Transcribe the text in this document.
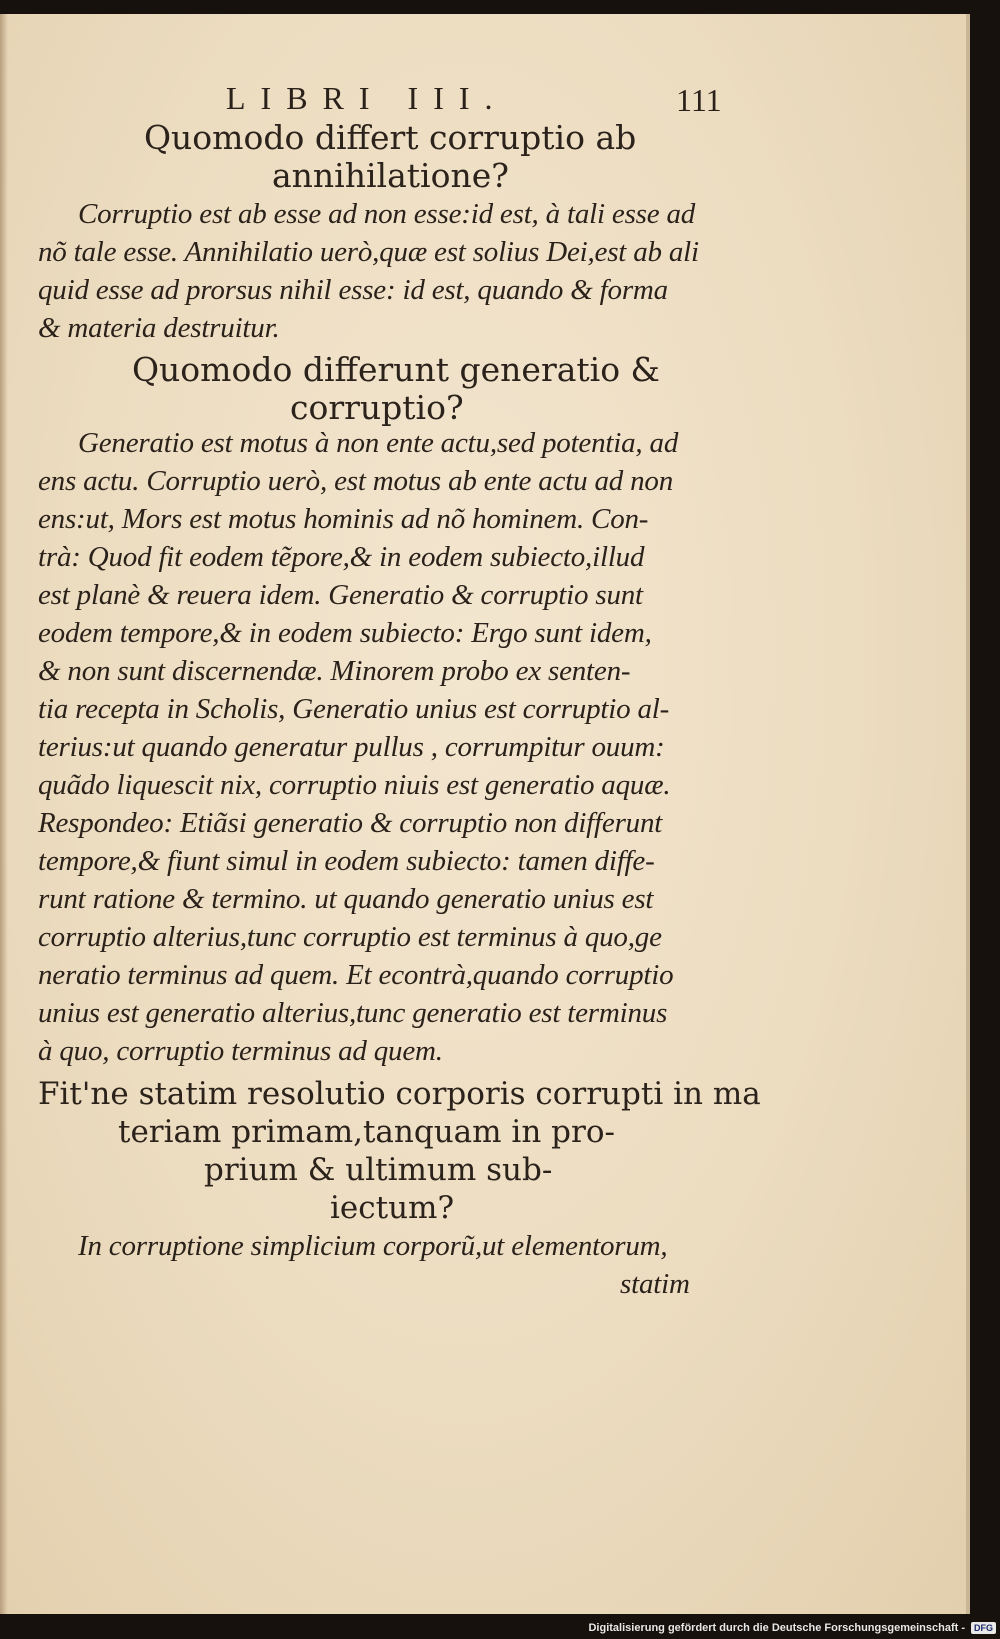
LIBRI III.	111
Quomodo differt corruptio ab
annihilatione?
Corruptio est ab esse ad non esse:id est, à tali esse ad
nõ tale esse. Annihilatio uerò,quæ est solius Dei,est ab ali
quid esse ad prorsus nihil esse: id est, quando & forma
& materia destruitur.
Quomodo differunt generatio &
corruptio?
Generatio est motus à non ente actu,sed potentia, ad
ens actu. Corruptio uerò, est motus ab ente actu ad non
ens:ut, Mors est motus hominis ad nõ hominem. Con-
trà: Quod fit eodem tẽpore,& in eodem subiecto,illud
est planè & reuera idem. Generatio & corruptio sunt
eodem tempore,& in eodem subiecto: Ergo sunt idem,
& non sunt discernendæ. Minorem probo ex senten-
tia recepta in Scholis, Generatio unius est corruptio al-
terius:ut quando generatur pullus , corrumpitur ouum:
quãdo liquescit nix, corruptio niuis est generatio aquæ.
Respondeo: Etiãsi generatio & corruptio non differunt
tempore,& fiunt simul in eodem subiecto: tamen diffe-
runt ratione & termino. ut quando generatio unius est
corruptio alterius,tunc corruptio est terminus à quo,ge
neratio terminus ad quem. Et econtrà,quando corruptio
unius est generatio alterius,tunc generatio est terminus
à quo, corruptio terminus ad quem.
Fit'ne statim resolutio corporis corrupti in ma
teriam primam,tanquam in pro-
prium & ultimum sub-
iectum?
In corruptione simplicium corporũ,ut elementorum,
statim
Digitalisierung gefördert durch die Deutsche Forschungsgemeinschaft -	DFG
